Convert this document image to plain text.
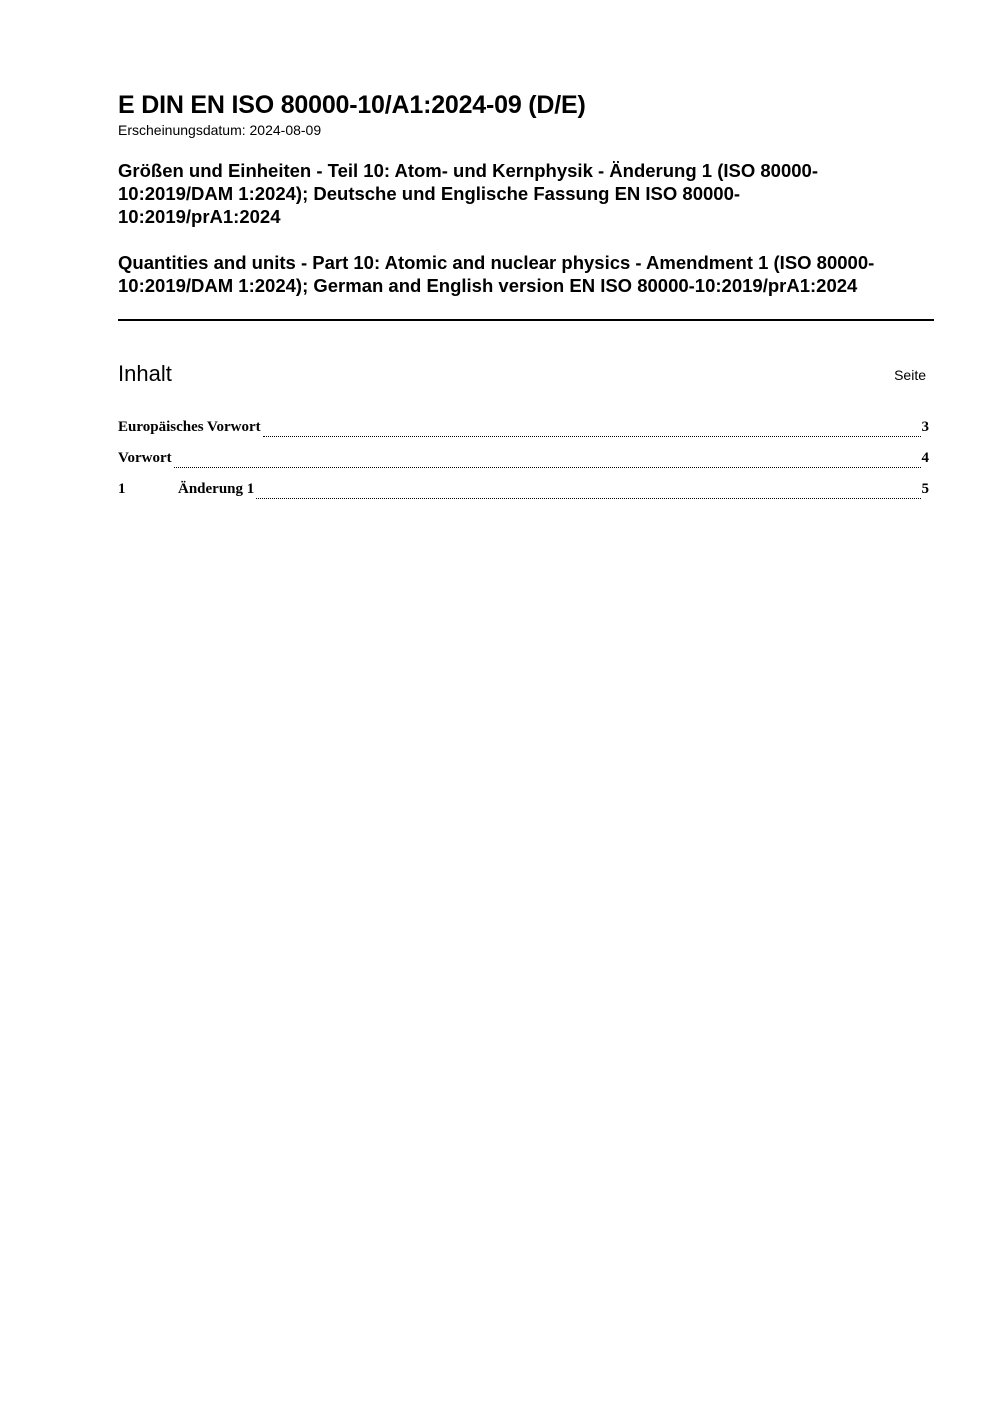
E DIN EN ISO 80000-10/A1:2024-09 (D/E)

Erscheinungsdatum: 2024-08-09

Größen und Einheiten - Teil 10: Atom- und Kernphysik - Änderung 1 (ISO 80000-10:2019/DAM 1:2024); Deutsche und Englische Fassung EN ISO 80000-10:2019/prA1:2024

Quantities and units - Part 10: Atomic and nuclear physics - Amendment 1 (ISO 80000-10:2019/DAM 1:2024); German and English version EN ISO 80000-10:2019/prA1:2024

Inhalt	Seite
Europäisches Vorwort	3
Vorwort	4
1	Änderung 1	5
